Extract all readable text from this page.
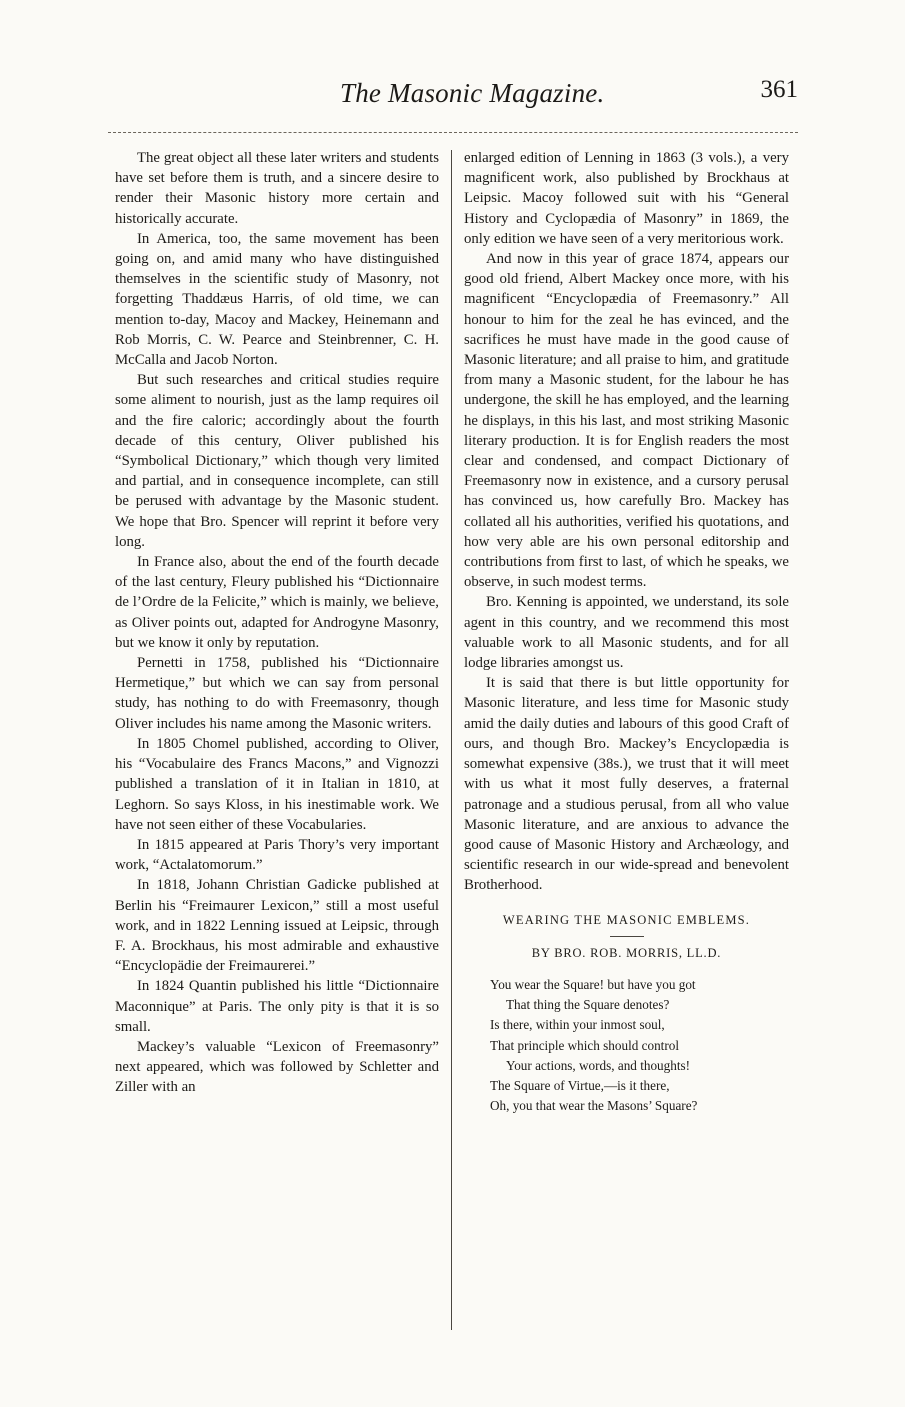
The Masonic Magazine.	361

The great object all these later writers and students have set before them is truth, and a sincere desire to render their Masonic history more certain and historically accurate.

In America, too, the same movement has been going on, and amid many who have distinguished themselves in the scientific study of Masonry, not forgetting Thaddæus Harris, of old time, we can mention to-day, Macoy and Mackey, Heinemann and Rob Morris, C. W. Pearce and Steinbrenner, C. H. McCalla and Jacob Norton.

But such researches and critical studies require some aliment to nourish, just as the lamp requires oil and the fire caloric; accordingly about the fourth decade of this century, Oliver published his “Symbolical Dictionary,” which though very limited and partial, and in consequence incomplete, can still be perused with advantage by the Masonic student. We hope that Bro. Spencer will reprint it before very long.

In France also, about the end of the fourth decade of the last century, Fleury published his “Dictionnaire de l’Ordre de la Felicite,” which is mainly, we believe, as Oliver points out, adapted for Androgyne Masonry, but we know it only by reputation.

Pernetti in 1758, published his “Dictionnaire Hermetique,” but which we can say from personal study, has nothing to do with Freemasonry, though Oliver includes his name among the Masonic writers.

In 1805 Chomel published, according to Oliver, his “Vocabulaire des Francs Macons,” and Vignozzi published a translation of it in Italian in 1810, at Leghorn. So says Kloss, in his inestimable work. We have not seen either of these Vocabularies.

In 1815 appeared at Paris Thory’s very important work, “Actalatomorum.”

In 1818, Johann Christian Gadicke published at Berlin his “Freimaurer Lexicon,” still a most useful work, and in 1822 Lenning issued at Leipsic, through F. A. Brockhaus, his most admirable and exhaustive “Encyclopädie der Freimaurerei.”

In 1824 Quantin published his little “Dictionnaire Maconnique” at Paris. The only pity is that it is so small.

Mackey’s valuable “Lexicon of Freemasonry” next appeared, which was followed by Schletter and Ziller with an

enlarged edition of Lenning in 1863 (3 vols.), a very magnificent work, also published by Brockhaus at Leipsic. Macoy followed suit with his “General History and Cyclopædia of Masonry” in 1869, the only edition we have seen of a very meritorious work.

And now in this year of grace 1874, appears our good old friend, Albert Mackey once more, with his magnificent “Encyclopædia of Freemasonry.” All honour to him for the zeal he has evinced, and the sacrifices he must have made in the good cause of Masonic literature; and all praise to him, and gratitude from many a Masonic student, for the labour he has undergone, the skill he has employed, and the learning he displays, in this his last, and most striking Masonic literary production. It is for English readers the most clear and condensed, and compact Dictionary of Freemasonry now in existence, and a cursory perusal has convinced us, how carefully Bro. Mackey has collated all his authorities, verified his quotations, and how very able are his own personal editorship and contributions from first to last, of which he speaks, we observe, in such modest terms.

Bro. Kenning is appointed, we understand, its sole agent in this country, and we recommend this most valuable work to all Masonic students, and for all lodge libraries amongst us.

It is said that there is but little opportunity for Masonic literature, and less time for Masonic study amid the daily duties and labours of this good Craft of ours, and though Bro. Mackey’s Encyclopædia is somewhat expensive (38s.), we trust that it will meet with us what it most fully deserves, a fraternal patronage and a studious perusal, from all who value Masonic literature, and are anxious to advance the good cause of Masonic History and Archæology, and scientific research in our wide-spread and benevolent Brotherhood.

WEARING THE MASONIC EMBLEMS.
BY BRO. ROB. MORRIS, LL.D.
You wear the Square! but have you got
That thing the Square denotes?
Is there, within your inmost soul,
That principle which should control
Your actions, words, and thoughts!
The Square of Virtue,—is it there,
Oh, you that wear the Masons’ Square?
